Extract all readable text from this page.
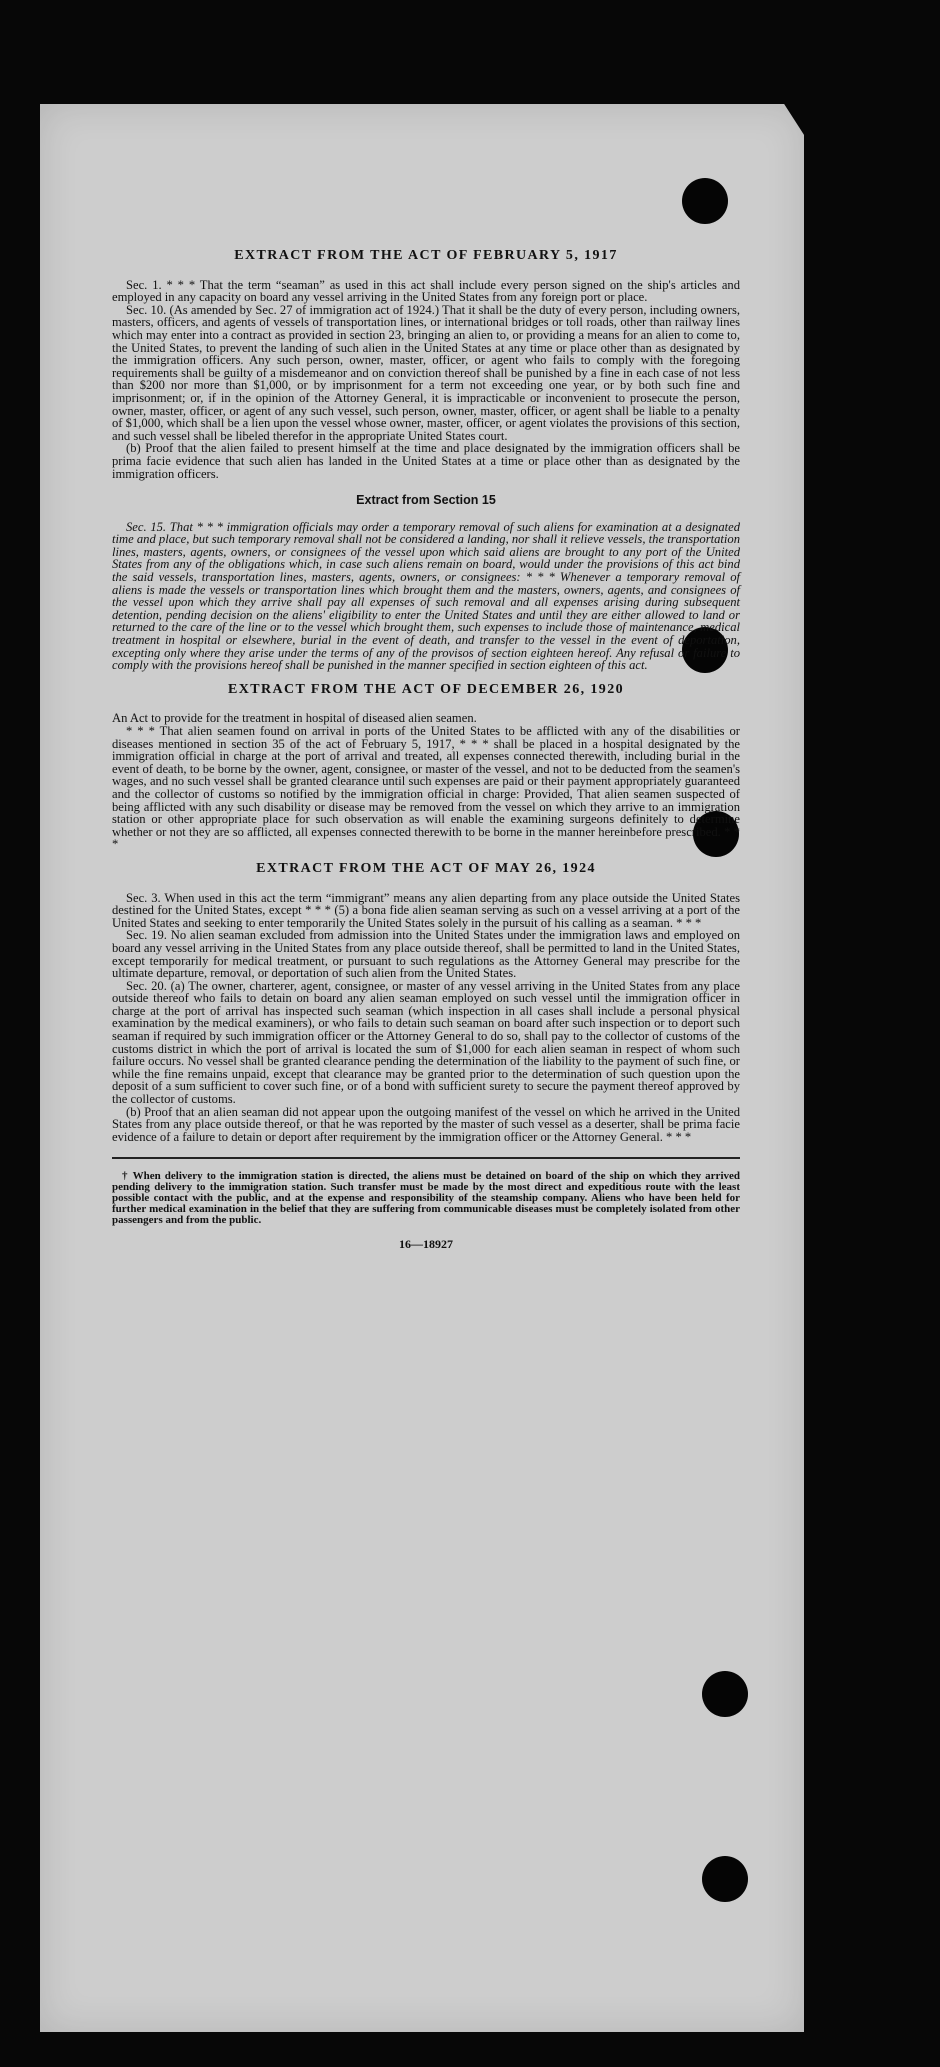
EXTRACT FROM THE ACT OF FEBRUARY 5, 1917

Sec. 1. * * * That the term “seaman” as used in this act shall include every person signed on the ship's articles and employed in any capacity on board any vessel arriving in the United States from any foreign port or place.

Sec. 10. (As amended by Sec. 27 of immigration act of 1924.) That it shall be the duty of every person, including owners, masters, officers, and agents of vessels of transportation lines, or international bridges or toll roads, other than railway lines which may enter into a contract as provided in section 23, bringing an alien to, or providing a means for an alien to come to, the United States, to prevent the landing of such alien in the United States at any time or place other than as designated by the immigration officers. Any such person, owner, master, officer, or agent who fails to comply with the foregoing requirements shall be guilty of a misdemeanor and on conviction thereof shall be punished by a fine in each case of not less than $200 nor more than $1,000, or by imprisonment for a term not exceeding one year, or by both such fine and imprisonment; or, if in the opinion of the Attorney General, it is impracticable or inconvenient to prosecute the person, owner, master, officer, or agent of any such vessel, such person, owner, master, officer, or agent shall be liable to a penalty of $1,000, which shall be a lien upon the vessel whose owner, master, officer, or agent violates the provisions of this section, and such vessel shall be libeled therefor in the appropriate United States court.

(b) Proof that the alien failed to present himself at the time and place designated by the immigration officers shall be prima facie evidence that such alien has landed in the United States at a time or place other than as designated by the immigration officers.

Extract from Section 15

Sec. 15. That * * * immigration officials may order a temporary removal of such aliens for examination at a designated time and place, but such temporary removal shall not be considered a landing, nor shall it relieve vessels, the transportation lines, masters, agents, owners, or consignees of the vessel upon which said aliens are brought to any port of the United States from any of the obligations which, in case such aliens remain on board, would under the provisions of this act bind the said vessels, transportation lines, masters, agents, owners, or consignees: * * * Whenever a temporary removal of aliens is made the vessels or transportation lines which brought them and the masters, owners, agents, and consignees of the vessel upon which they arrive shall pay all expenses of such removal and all expenses arising during subsequent detention, pending decision on the aliens' eligibility to enter the United States and until they are either allowed to land or returned to the care of the line or to the vessel which brought them, such expenses to include those of maintenance, medical treatment in hospital or elsewhere, burial in the event of death, and transfer to the vessel in the event of deportation, excepting only where they arise under the terms of any of the provisos of section eighteen hereof. Any refusal or failure to comply with the provisions hereof shall be punished in the manner specified in section eighteen of this act.

EXTRACT FROM THE ACT OF DECEMBER 26, 1920

An Act to provide for the treatment in hospital of diseased alien seamen.

* * * That alien seamen found on arrival in ports of the United States to be afflicted with any of the disabilities or diseases mentioned in section 35 of the act of February 5, 1917, * * * shall be placed in a hospital designated by the immigration official in charge at the port of arrival and treated, all expenses connected therewith, including burial in the event of death, to be borne by the owner, agent, consignee, or master of the vessel, and not to be deducted from the seamen's wages, and no such vessel shall be granted clearance until such expenses are paid or their payment appropriately guaranteed and the collector of customs so notified by the immigration official in charge: Provided, That alien seamen suspected of being afflicted with any such disability or disease may be removed from the vessel on which they arrive to an immigration station or other appropriate place for such observation as will enable the examining surgeons definitely to determine whether or not they are so afflicted, all expenses connected therewith to be borne in the manner hereinbefore prescribed. * * *

EXTRACT FROM THE ACT OF MAY 26, 1924

Sec. 3. When used in this act the term “immigrant” means any alien departing from any place outside the United States destined for the United States, except * * * (5) a bona fide alien seaman serving as such on a vessel arriving at a port of the United States and seeking to enter temporarily the United States solely in the pursuit of his calling as a seaman. * * *

Sec. 19. No alien seaman excluded from admission into the United States under the immigration laws and employed on board any vessel arriving in the United States from any place outside thereof, shall be permitted to land in the United States, except temporarily for medical treatment, or pursuant to such regulations as the Attorney General may prescribe for the ultimate departure, removal, or deportation of such alien from the United States.

Sec. 20. (a) The owner, charterer, agent, consignee, or master of any vessel arriving in the United States from any place outside thereof who fails to detain on board any alien seaman employed on such vessel until the immigration officer in charge at the port of arrival has inspected such seaman (which inspection in all cases shall include a personal physical examination by the medical examiners), or who fails to detain such seaman on board after such inspection or to deport such seaman if required by such immigration officer or the Attorney General to do so, shall pay to the collector of customs of the customs district in which the port of arrival is located the sum of $1,000 for each alien seaman in respect of whom such failure occurs. No vessel shall be granted clearance pending the determination of the liability to the payment of such fine, or while the fine remains unpaid, except that clearance may be granted prior to the determination of such question upon the deposit of a sum sufficient to cover such fine, or of a bond with sufficient surety to secure the payment thereof approved by the collector of customs.

(b) Proof that an alien seaman did not appear upon the outgoing manifest of the vessel on which he arrived in the United States from any place outside thereof, or that he was reported by the master of such vessel as a deserter, shall be prima facie evidence of a failure to detain or deport after requirement by the immigration officer or the Attorney General. * * *

† When delivery to the immigration station is directed, the aliens must be detained on board of the ship on which they arrived pending delivery to the immigration station. Such transfer must be made by the most direct and expeditious route with the least possible contact with the public, and at the expense and responsibility of the steamship company. Aliens who have been held for further medical examination in the belief that they are suffering from communicable diseases must be completely isolated from other passengers and from the public.

16—18927
